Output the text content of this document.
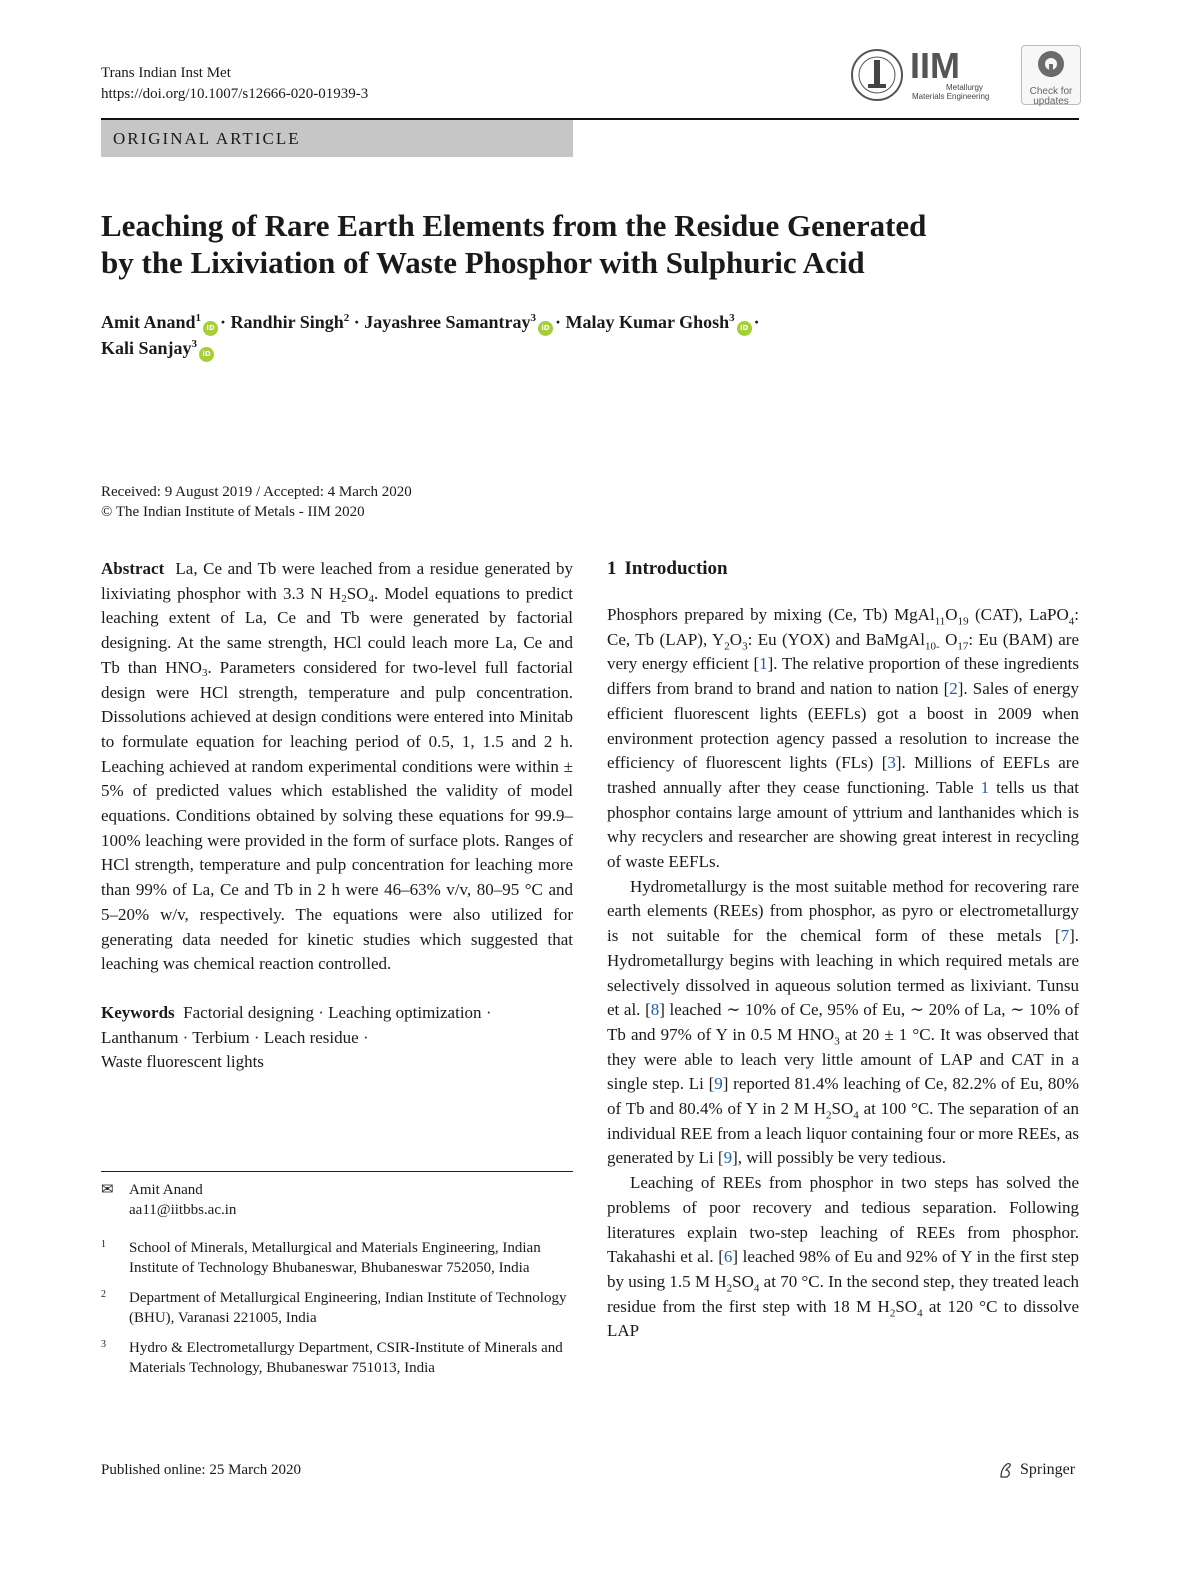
Trans Indian Inst Met
https://doi.org/10.1007/s12666-020-01939-3
IIM
Metallurgy
Materials Engineering	Check for
updates
ORIGINAL ARTICLE
Leaching of Rare Earth Elements from the Residue Generated
by the Lixiviation of Waste Phosphor with Sulphuric Acid
Amit Anand$^1$iD · Randhir Singh$^2$ · Jayashree Samantray$^3$iD · Malay Kumar Ghosh$^3$iD ·
Kali Sanjay$^3$iD
Received: 9 August 2019 / Accepted: 4 March 2020
© The Indian Institute of Metals - IIM 2020

Abstract La, Ce and Tb were leached from a residue generated by lixiviating phosphor with 3.3 N $H_2SO_4$. Model equations to predict leaching extent of La, Ce and Tb were generated by factorial designing. At the same strength, HCl could leach more La, Ce and Tb than $HNO_3$. Parameters considered for two-level full factorial design were HCl strength, temperature and pulp concentration. Dissolutions achieved at design conditions were entered into Minitab to formulate equation for leaching period of 0.5, 1, 1.5 and 2 h. Leaching achieved at random experimental conditions were within ± 5% of predicted values which established the validity of model equations. Conditions obtained by solving these equations for 99.9–100% leaching were provided in the form of surface plots. Ranges of HCl strength, temperature and pulp concentration for leaching more than 99% of La, Ce and Tb in 2 h were 46–63% v/v, 80–95 °C and 5–20% w/v, respectively. The equations were also utilized for generating data needed for kinetic studies which suggested that leaching was chemical reaction controlled.

Keywords Factorial designing · Leaching optimization ·
Lanthanum · Terbium · Leach residue ·
Waste fluorescent lights

✉	Amit Anand
aa11@iitbbs.ac.in
1	School of Minerals, Metallurgical and Materials Engineering, Indian Institute of Technology Bhubaneswar, Bhubaneswar 752050, India
2	Department of Metallurgical Engineering, Indian Institute of Technology (BHU), Varanasi 221005, India
3	Hydro & Electrometallurgy Department, CSIR-Institute of Minerals and Materials Technology, Bhubaneswar 751013, India
1 Introduction

Phosphors prepared by mixing (Ce, Tb) $MgAl_{11}O_{19}$ (CAT), LaPO$_4$: Ce, Tb (LAP), $Y_2O_3$: Eu (YOX) and BaMgAl$_{10-}$ $O_{17}$: Eu (BAM) are very energy efficient [1]. The relative proportion of these ingredients differs from brand to brand and nation to nation [2]. Sales of energy efficient fluorescent lights (EEFLs) got a boost in 2009 when environment protection agency passed a resolution to increase the efficiency of fluorescent lights (FLs) [3]. Millions of EEFLs are trashed annually after they cease functioning. Table 1 tells us that phosphor contains large amount of yttrium and lanthanides which is why recyclers and researcher are showing great interest in recycling of waste EEFLs.

Hydrometallurgy is the most suitable method for recovering rare earth elements (REEs) from phosphor, as pyro or electrometallurgy is not suitable for the chemical form of these metals [7]. Hydrometallurgy begins with leaching in which required metals are selectively dissolved in aqueous solution termed as lixiviant. Tunsu et al. [8] leached ∼ 10% of Ce, 95% of Eu, ∼ 20% of La, ∼ 10% of Tb and 97% of Y in 0.5 M $HNO_3$ at 20 ± 1 °C. It was observed that they were able to leach very little amount of LAP and CAT in a single step. Li [9] reported 81.4% leaching of Ce, 82.2% of Eu, 80% of Tb and 80.4% of Y in 2 M $H_2SO_4$ at 100 °C. The separation of an individual REE from a leach liquor containing four or more REEs, as generated by Li [9], will possibly be very tedious.

Leaching of REEs from phosphor in two steps has solved the problems of poor recovery and tedious separation. Following literatures explain two-step leaching of REEs from phosphor. Takahashi et al. [6] leached 98% of Eu and 92% of Y in the first step by using 1.5 M $H_2SO_4$ at 70 °C. In the second step, they treated leach residue from the first step with 18 M $H_2SO_4$ at 120 °C to dissolve LAP

Published online: 25 March 2020	Springer
